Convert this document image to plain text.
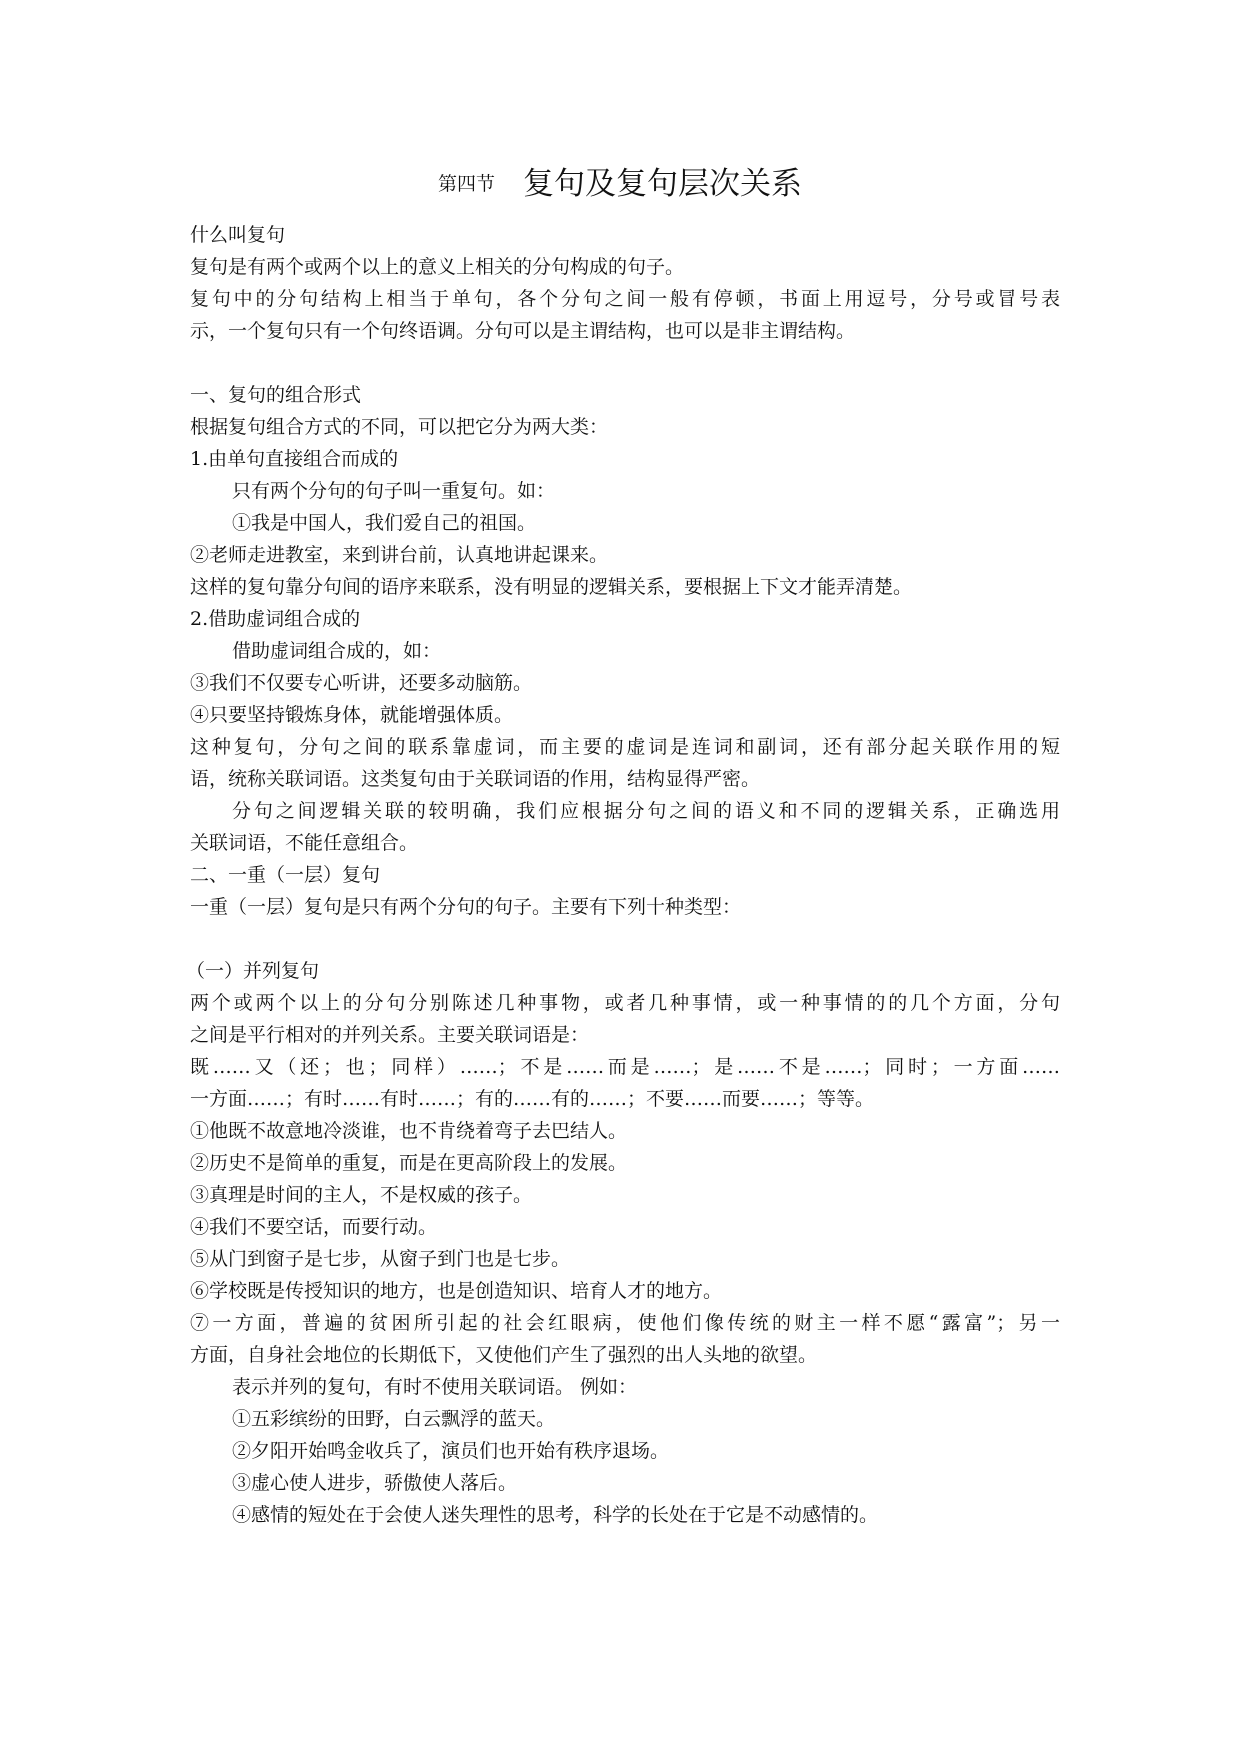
第四节 复句及复句层次关系
什么叫复句
复句是有两个或两个以上的意义上相关的分句构成的句子。
复句中的分句结构上相当于单句，各个分句之间一般有停顿，书面上用逗号，分号或冒号表
示，一个复句只有一个句终语调。分句可以是主谓结构，也可以是非主谓结构。
一、复句的组合形式
根据复句组合方式的不同，可以把它分为两大类：
1.由单句直接组合而成的
只有两个分句的句子叫一重复句。如：
①我是中国人，我们爱自己的祖国。
②老师走进教室，来到讲台前，认真地讲起课来。
这样的复句靠分句间的语序来联系，没有明显的逻辑关系，要根据上下文才能弄清楚。
2.借助虚词组合成的
借助虚词组合成的，如：
③我们不仅要专心听讲，还要多动脑筋。
④只要坚持锻炼身体，就能增强体质。
这种复句，分句之间的联系靠虚词，而主要的虚词是连词和副词，还有部分起关联作用的短
语，统称关联词语。这类复句由于关联词语的作用，结构显得严密。
分句之间逻辑关联的较明确，我们应根据分句之间的语义和不同的逻辑关系，正确选用
关联词语，不能任意组合。
二、一重（一层）复句
一重（一层）复句是只有两个分句的句子。主要有下列十种类型：
（一）并列复句
两个或两个以上的分句分别陈述几种事物，或者几种事情，或一种事情的的几个方面，分句
之间是平行相对的并列关系。主要关联词语是：
既……又（还；也；同样）……；不是……而是……；是……不是……；同时；一方面……
一方面……；有时……有时……；有的……有的……；不要……而要……；等等。
①他既不故意地冷淡谁，也不肯绕着弯子去巴结人。
②历史不是简单的重复，而是在更高阶段上的发展。
③真理是时间的主人，不是权威的孩子。
④我们不要空话，而要行动。
⑤从门到窗子是七步，从窗子到门也是七步。
⑥学校既是传授知识的地方，也是创造知识、培育人才的地方。
⑦一方面，普遍的贫困所引起的社会红眼病，使他们像传统的财主一样不愿“露富”；另一
方面，自身社会地位的长期低下，又使他们产生了强烈的出人头地的欲望。
表示并列的复句，有时不使用关联词语。 例如：
①五彩缤纷的田野，白云飘浮的蓝天。
②夕阳开始鸣金收兵了，演员们也开始有秩序退场。
③虚心使人进步，骄傲使人落后。
④感情的短处在于会使人迷失理性的思考，科学的长处在于它是不动感情的。
